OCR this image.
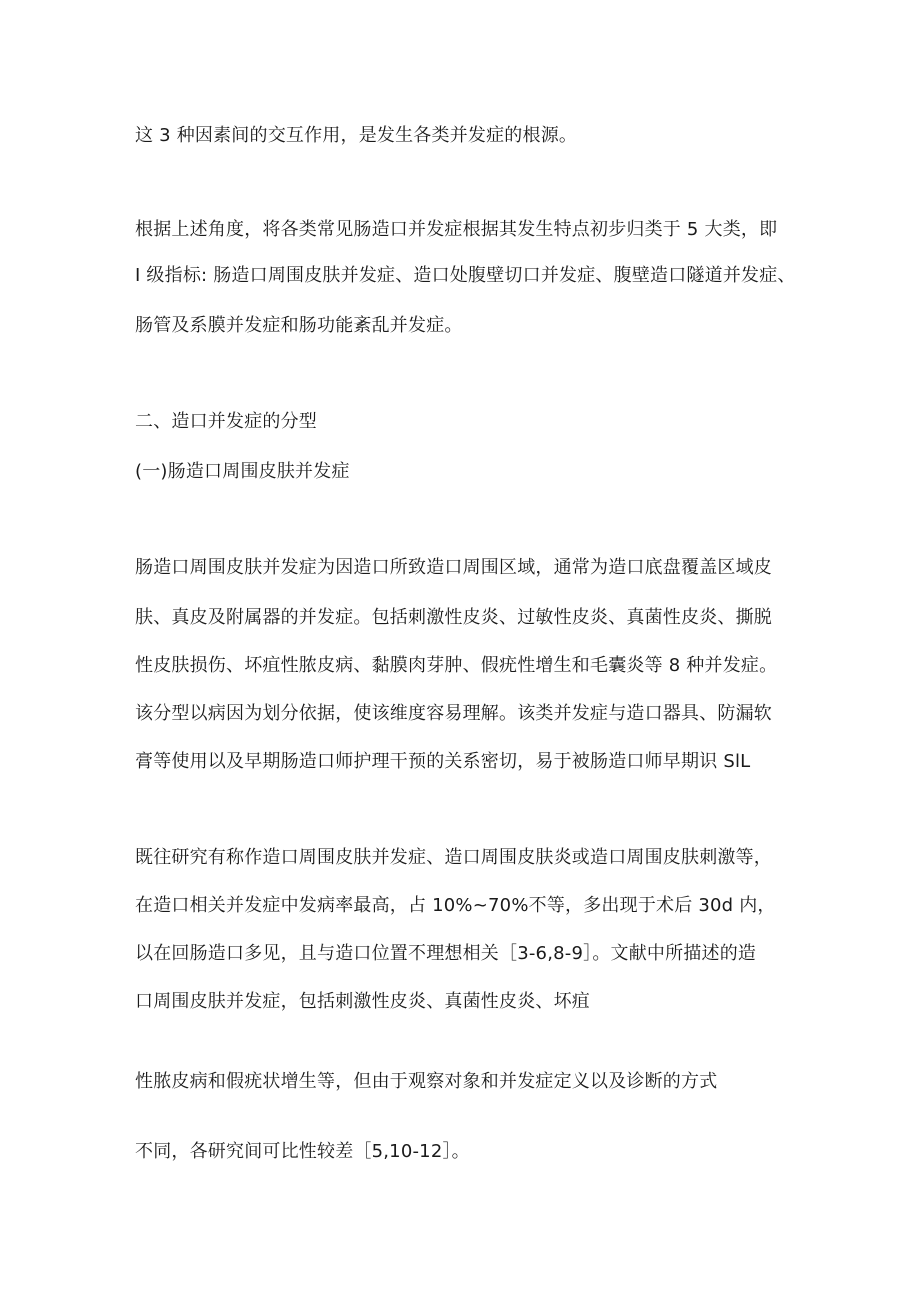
这 3 种因素间的交互作用，是发生各类并发症的根源。
根据上述角度，将各类常见肠造口并发症根据其发生特点初步归类于 5 大类，即
I 级指标: 肠造口周围皮肤并发症、造口处腹壁切口并发症、腹壁造口隧道并发症、
肠管及系膜并发症和肠功能紊乱并发症。
二、造口并发症的分型
(一)肠造口周围皮肤并发症
肠造口周围皮肤并发症为因造口所致造口周围区域，通常为造口底盘覆盖区域皮
肤、真皮及附属器的并发症。包括刺激性皮炎、过敏性皮炎、真菌性皮炎、撕脱
性皮肤损伤、坏疽性脓皮病、黏膜肉芽肿、假疣性增生和毛囊炎等 8 种并发症。
该分型以病因为划分依据，使该维度容易理解。该类并发症与造口器具、防漏软
膏等使用以及早期肠造口师护理干预的关系密切，易于被肠造口师早期识 SlL
既往研究有称作造口周围皮肤并发症、造口周围皮肤炎或造口周围皮肤刺激等，
在造口相关并发症中发病率最高，占 10%~70%不等，多出现于术后 30d 内，
以在回肠造口多见，且与造口位置不理想相关［3-6,8-9］。文献中所描述的造
口周围皮肤并发症，包括刺激性皮炎、真菌性皮炎、坏疽
性脓皮病和假疣状增生等，但由于观察对象和并发症定义以及诊断的方式
不同，各研究间可比性较差［5,10-12］。
